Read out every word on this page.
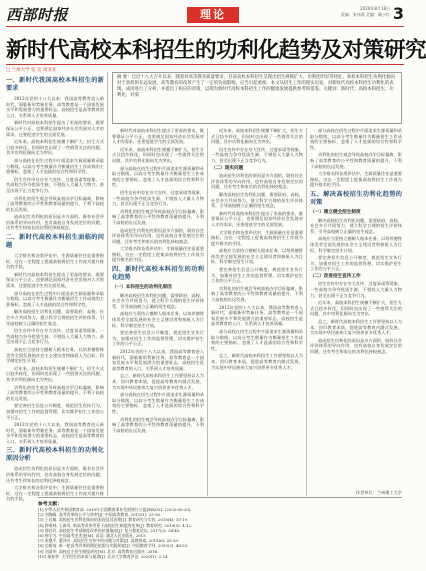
西部时报	理论	2020年8月18日
责编：张伟燕 美编：戴小红 3
新时代高校本科招生的功利化趋势及对策研究
□ 兰州大学 张 宏 周亚亚
摘 要：自近十八大召开以来，随着对高等教育质量要求，目前高校本科招生呈现出招生规模扩大、功利化明显等特征。高校本科招生功利化倾向对于高校的长远发展、高等教育的改革产生了一定的负面影响，应当引起重视。本文从招生工作的现实出发，对新时代高校本科招生功利化的表现、成因进行了分析，并提出了相应的对策，以期为新时代高校本科招生工作的健康发展提供参考和借鉴。关键词：新时代；高校本科招生；功利化；对策
一、新时代我国高校本科招生的新要求

2012年党的十八大以来，我国高等教育进入新时代，面临新形势新任务。高等教育是一个国家发展水平和发展潜力的重要标志，高校招生是高等教育的入口，关系到人才培养质量。

新时代对高校本科招生提出了更高的要求，既要保证公平公正，也要满足国家经济社会发展对人才的需求，还要促进学生的全面发展。

近年来，高校本科招生规模不断扩大，招生方式日趋多样化，但同时也出现了一些值得关注的问题，其中功利化倾向尤为突出。

部分高校在招生过程中片面追求生源质量和录取分数线，以高分考生数量作为衡量招生工作成效的主要指标，忽视了人才选拔的综合性和科学性。

招生宣传中存在夸大宣传、过度承诺等现象，一些高校为争夺优质生源，不惜投入大量人力物力，甚至出现不正当竞争行为。

功利化的招生观念导致高校办学目标偏离，影响了高等教育的公平性和教育质量的提升，不利于高校的长远发展。

造成招生功利化的原因是多方面的，既有社会评价体系的导向作用，也有高校自身发展定位的问题，还有考生和家长的功利化择校观念。

二、新时代高校本科招生面临的问题

大学排名和各类评估中，生源质量往往是重要指标，这在一定程度上促使高校将招生工作视为提升排名的手段。

新时代对高校本科招生提出了更高的要求，既要保证公平公正，也要满足国家经济社会发展对人才的需求，还要促进学生的全面发展。

部分高校在招生过程中片面追求生源质量和录取分数线，以高分考生数量作为衡量招生工作成效的主要指标，忽视了人才选拔的综合性和科学性。

解决高校招生功利化问题，需要政府、高校、社会多方共同努力，建立科学合理的招生评价体系，引导高校树立正确的招生观念。

招生宣传中存在夸大宣传、过度承诺等现象，一些高校为争夺优质生源，不惜投入大量人力物力，甚至出现不正当竞争行为。

高校应当坚持立德树人根本任务，以培养德智体美劳全面发展的社会主义建设者和接班人为目标，科学制定招生计划。

近年来，高校本科招生规模不断扩大，招生方式日趋多样化，但同时也出现了一些值得关注的问题，其中功利化倾向尤为突出。

功利化的招生观念导致高校办学目标偏离，影响了高等教育的公平性和教育质量的提升，不利于高校的长远发展。

要完善招生信息公开制度，规范招生宣传行为，加强对招生工作的监督管理，切实维护招生工作的公平公正。

2012年党的十八大以来，我国高等教育进入新时代，面临新形势新任务。高等教育是一个国家发展水平和发展潜力的重要标志，高校招生是高等教育的入口，关系到人才培养质量。

三、新时代高校本科招生的功利化原因分析

造成招生功利化的原因是多方面的，既有社会评价体系的导向作用，也有高校自身发展定位的问题，还有考生和家长的功利化择校观念。

大学排名和各类评估中，生源质量往往是重要指标，这在一定程度上促使高校将招生工作视为提升排名的手段。

新时代对高校本科招生提出了更高的要求，既要保证公平公正，也要满足国家经济社会发展对人才的需求，还要促进学生的全面发展。

近年来，高校本科招生规模不断扩大，招生方式日趋多样化，但同时也出现了一些值得关注的问题，其中功利化倾向尤为突出。

部分高校在招生过程中片面追求生源质量和录取分数线，以高分考生数量作为衡量招生工作成效的主要指标，忽视了人才选拔的综合性和科学性。

招生宣传中存在夸大宣传、过度承诺等现象，一些高校为争夺优质生源，不惜投入大量人力物力，甚至出现不正当竞争行为。

功利化的招生观念导致高校办学目标偏离，影响了高等教育的公平性和教育质量的提升，不利于高校的长远发展。

造成招生功利化的原因是多方面的，既有社会评价体系的导向作用，也有高校自身发展定位的问题，还有考生和家长的功利化择校观念。

大学排名和各类评估中，生源质量往往是重要指标，这在一定程度上促使高校将招生工作视为提升排名的手段。

四、新时代高校本科招生的功利化趋势
（一）本科招生的功利化原因

解决高校招生功利化问题，需要政府、高校、社会多方共同努力，建立科学合理的招生评价体系，引导高校树立正确的招生观念。

高校应当坚持立德树人根本任务，以培养德智体美劳全面发展的社会主义建设者和接班人为目标，科学制定招生计划。

要完善招生信息公开制度，规范招生宣传行为，加强对招生工作的监督管理，切实维护招生工作的公平公正。

2012年党的十八大以来，我国高等教育进入新时代，面临新形势新任务。高等教育是一个国家发展水平和发展潜力的重要标志，高校招生是高等教育的入口，关系到人才培养质量。

总之，新时代高校本科招生工作要坚持以人为本，回归教育本质，促进高等教育内涵式发展，为实现中华民族伟大复兴培养更多优秀人才。

部分高校在招生过程中片面追求生源质量和录取分数线，以高分考生数量作为衡量招生工作成效的主要指标，忽视了人才选拔的综合性和科学性。

功利化的招生观念导致高校办学目标偏离，影响了高等教育的公平性和教育质量的提升，不利于高校的长远发展。

近年来，高校本科招生规模不断扩大，招生方式日趋多样化，但同时也出现了一些值得关注的问题，其中功利化倾向尤为突出。

招生宣传中存在夸大宣传、过度承诺等现象，一些高校为争夺优质生源，不惜投入大量人力物力，甚至出现不正当竞争行为。

（二）现实问题

造成招生功利化的原因是多方面的，既有社会评价体系的导向作用，也有高校自身发展定位的问题，还有考生和家长的功利化择校观念。

解决高校招生功利化问题，需要政府、高校、社会多方共同努力，建立科学合理的招生评价体系，引导高校树立正确的招生观念。

新时代对高校本科招生提出了更高的要求，既要保证公平公正，也要满足国家经济社会发展对人才的需求，还要促进学生的全面发展。

大学排名和各类评估中，生源质量往往是重要指标，这在一定程度上促使高校将招生工作视为提升排名的手段。

高校应当坚持立德树人根本任务，以培养德智体美劳全面发展的社会主义建设者和接班人为目标，科学制定招生计划。

要完善招生信息公开制度，规范招生宣传行为，加强对招生工作的监督管理，切实维护招生工作的公平公正。

功利化的招生观念导致高校办学目标偏离，影响了高等教育的公平性和教育质量的提升，不利于高校的长远发展。

2012年党的十八大以来，我国高等教育进入新时代，面临新形势新任务。高等教育是一个国家发展水平和发展潜力的重要标志，高校招生是高等教育的入口，关系到人才培养质量。

部分高校在招生过程中片面追求生源质量和录取分数线，以高分考生数量作为衡量招生工作成效的主要指标，忽视了人才选拔的综合性和科学性。

总之，新时代高校本科招生工作要坚持以人为本，回归教育本质，促进高等教育内涵式发展，为实现中华民族伟大复兴培养更多优秀人才。

部分高校在招生过程中片面追求生源质量和录取分数线，以高分考生数量作为衡量招生工作成效的主要指标，忽视了人才选拔的综合性和科学性。

功利化的招生观念导致高校办学目标偏离，影响了高等教育的公平性和教育质量的提升，不利于高校的长远发展。

大学排名和各类评估中，生源质量往往是重要指标，这在一定程度上促使高校将招生工作视为提升排名的手段。

五、解决高校招生功利化趋势的对策
（一）建立健全招生制度

解决高校招生功利化问题，需要政府、高校、社会多方共同努力，建立科学合理的招生评价体系，引导高校树立正确的招生观念。

高校应当坚持立德树人根本任务，以培养德智体美劳全面发展的社会主义建设者和接班人为目标，科学制定招生计划。

要完善招生信息公开制度，规范招生宣传行为，加强对招生工作的监督管理，切实维护招生工作的公平公正。

（二）改进招生宣传工作

招生宣传中存在夸大宣传、过度承诺等现象，一些高校为争夺优质生源，不惜投入大量人力物力，甚至出现不正当竞争行为。

近年来，高校本科招生规模不断扩大，招生方式日趋多样化，但同时也出现了一些值得关注的问题，其中功利化倾向尤为突出。

总之，新时代高校本科招生工作要坚持以人为本，回归教育本质，促进高等教育内涵式发展，为实现中华民族伟大复兴培养更多优秀人才。

造成招生功利化的原因是多方面的，既有社会评价体系的导向作用，也有高校自身发展定位的问题，还有考生和家长的功利化择校观念。

作者单位：兰州理工大学
参考文献：
[1] 中华人民共和国教育部. 2019年全国教育事业发展统计公报[EB/OL]. (2020-05-20).
[2] 刘海峰. 高考改革的公平与效率[J]. 中国高等教育, 2019(1): 23-26.
[3] 王后雄. 高校招生功利化倾向的表现及其治理[J]. 教育研究与实验, 2018(4): 15-19.
[4] 钟秉林, 王新凤. 新高考改革背景下高校招生制度的变革[J]. 教育研究, 2019(5): 4-12.
[5] 郑若玲. 高校招生考试制度改革的价值取向[J]. 复旦教育论坛, 2017(2): 34-40.
[6] 杨学为. 中国高考史述论[M]. 武汉: 湖北人民出版社, 2015.
[7] 张继平, 董泽芳. 高校招生宣传中的问题与对策[J]. 高教探索, 2018(6): 25-29.
[8] 边新灿. 新一轮高考改革的理论依据与实践探索[J]. 中国教育学刊, 2019(3): 48-53.
[9] 刘清华. 高校自主招生制度研究[M]. 北京: 高等教育出版社, 2016.
[10] 秦春华. 大学招生的本质与使命[J]. 北京大学教育评论, 2020(1): 2-14.
